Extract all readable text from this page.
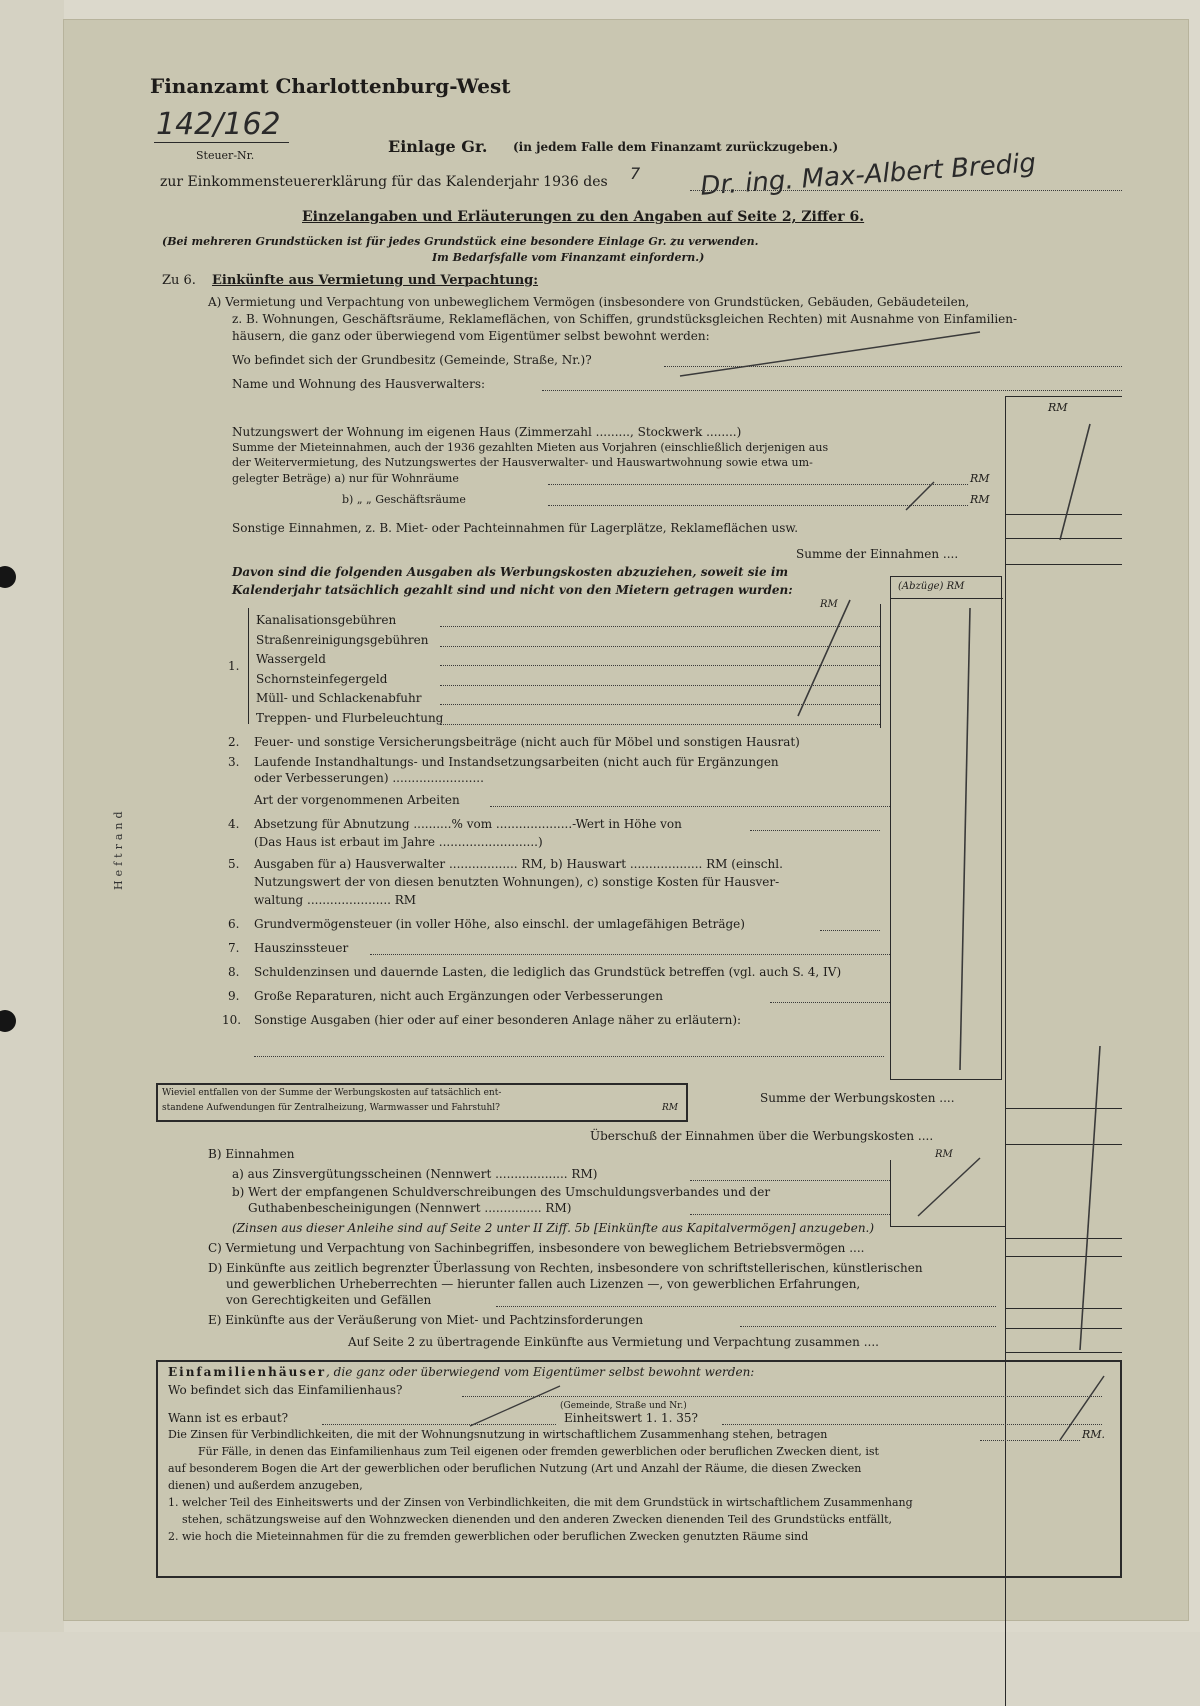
Heftrand
Finanzamt Charlottenburg-West
142/162
Steuer-Nr.	Einlage Gr. (in jedem Falle dem Finanzamt zurückzugeben.)
zur Einkommensteuererklärung für das Kalenderjahr 1936 des 7 Dr. ing. Max-Albert Bredig
Einzelangaben und Erläuterungen zu den Angaben auf Seite 2, Ziffer 6.
(Bei mehreren Grundstücken ist für jedes Grundstück eine besondere Einlage Gr. zu verwenden.
Im Bedarfsfalle vom Finanzamt einfordern.)
Zu 6. Einkünfte aus Vermietung und Verpachtung:
A) Vermietung und Verpachtung von unbeweglichem Vermögen (insbesondere von Grundstücken, Gebäuden, Gebäudeteilen,
z. B. Wohnungen, Geschäftsräume, Reklameflächen, von Schiffen, grundstücksgleichen Rechten) mit Ausnahme von Einfamilien-
häusern, die ganz oder überwiegend vom Eigentümer selbst bewohnt werden:
Wo befindet sich der Grundbesitz (Gemeinde, Straße, Nr.)?
Name und Wohnung des Hausverwalters:
RM
Nutzungswert der Wohnung im eigenen Haus (Zimmerzahl ........., Stockwerk ........)
Summe der Mieteinnahmen, auch der 1936 gezahlten Mieten aus Vorjahren (einschließlich derjenigen aus
der Weitervermietung, des Nutzungswertes der Hausverwalter- und Hauswartwohnung sowie etwa um-
gelegter Beträge) a) nur für Wohnräume	RM
b) „ „ Geschäftsräume	RM
Sonstige Einnahmen, z. B. Miet- oder Pachteinnahmen für Lagerplätze, Reklameflächen usw.
Summe der Einnahmen ....
Davon sind die folgenden Ausgaben als Werbungskosten abzuziehen, soweit sie im
Kalenderjahr tatsächlich gezahlt sind und nicht von den Mietern getragen wurden:	(Abzüge) RM
1.
RM
Kanalisationsgebühren
Straßenreinigungsgebühren
Wassergeld
Schornsteinfegergeld
Müll- und Schlackenabfuhr
Treppen- und Flurbeleuchtung
2. Feuer- und sonstige Versicherungsbeiträge (nicht auch für Möbel und sonstigen Hausrat)
3. Laufende Instandhaltungs- und Instandsetzungsarbeiten (nicht auch für Ergänzungen
oder Verbesserungen) ........................
Art der vorgenommenen Arbeiten
4. Absetzung für Abnutzung ..........% vom ....................-Wert in Höhe von
(Das Haus ist erbaut im Jahre ..........................)
5. Ausgaben für a) Hausverwalter .................. RM, b) Hauswart ................... RM (einschl.
Nutzungswert der von diesen benutzten Wohnungen), c) sonstige Kosten für Hausver-
waltung ...................... RM
6. Grundvermögensteuer (in voller Höhe, also einschl. der umlagefähigen Beträge)
7. Hauszinssteuer
8. Schuldenzinsen und dauernde Lasten, die lediglich das Grundstück betreffen (vgl. auch S. 4, IV)
9. Große Reparaturen, nicht auch Ergänzungen oder Verbesserungen
10. Sonstige Ausgaben (hier oder auf einer besonderen Anlage näher zu erläutern):
Wieviel entfallen von der Summe der Werbungskosten auf tatsächlich ent-
standene Aufwendungen für Zentralheizung, Warmwasser und Fahrstuhl?	RM
Summe der Werbungskosten ....
Überschuß der Einnahmen über die Werbungskosten ....
B) Einnahmen	RM
a) aus Zinsvergütungsscheinen (Nennwert ................... RM)
b) Wert der empfangenen Schuldverschreibungen des Umschuldungsverbandes und der
Guthabenbescheinigungen (Nennwert ............... RM)
(Zinsen aus dieser Anleihe sind auf Seite 2 unter II Ziff. 5b [Einkünfte aus Kapitalvermögen] anzugeben.)
C) Vermietung und Verpachtung von Sachinbegriffen, insbesondere von beweglichem Betriebsvermögen ....
D) Einkünfte aus zeitlich begrenzter Überlassung von Rechten, insbesondere von schriftstellerischen, künstlerischen
und gewerblichen Urheberrechten — hierunter fallen auch Lizenzen —, von gewerblichen Erfahrungen,
von Gerechtigkeiten und Gefällen
E) Einkünfte aus der Veräußerung von Miet- und Pachtzinsforderungen
Auf Seite 2 zu übertragende Einkünfte aus Vermietung und Verpachtung zusammen ....
Einfamilienhäuser, die ganz oder überwiegend vom Eigentümer selbst bewohnt werden:
Wo befindet sich das Einfamilienhaus?
(Gemeinde, Straße und Nr.)
Wann ist es erbaut?	Einheitswert 1. 1. 35?
Die Zinsen für Verbindlichkeiten, die mit der Wohnungsnutzung in wirtschaftlichem Zusammenhang stehen, betragen	RM.
Für Fälle, in denen das Einfamilienhaus zum Teil eigenen oder fremden gewerblichen oder beruflichen Zwecken dient, ist
auf besonderem Bogen die Art der gewerblichen oder beruflichen Nutzung (Art und Anzahl der Räume, die diesen Zwecken
dienen) und außerdem anzugeben,
1. welcher Teil des Einheitswerts und der Zinsen von Verbindlichkeiten, die mit dem Grundstück in wirtschaftlichem Zusammenhang
stehen, schätzungsweise auf den Wohnzwecken dienenden und den anderen Zwecken dienenden Teil des Grundstücks entfällt,
2. wie hoch die Mieteinnahmen für die zu fremden gewerblichen oder beruflichen Zwecken genutzten Räume sind
